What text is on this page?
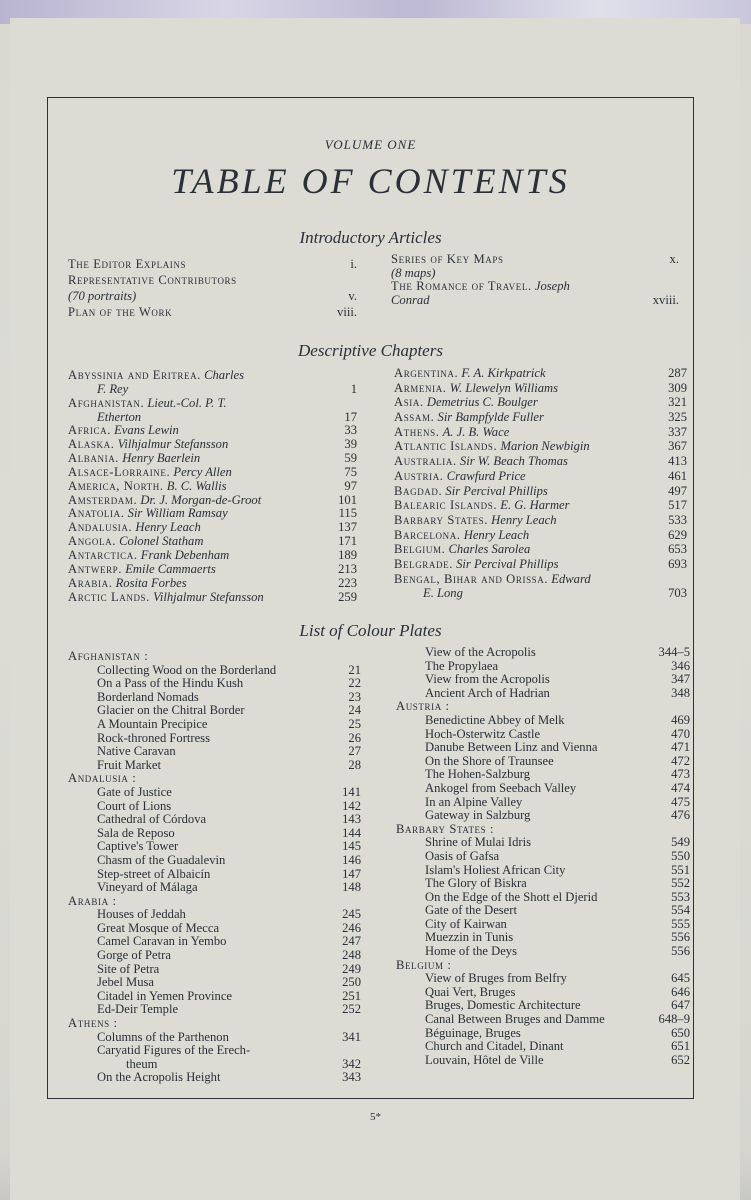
VOLUME ONE
TABLE OF CONTENTS
Introductory Articles
The Editor Explains	i.
Representative Contributors
(70 portraits)	v.
Plan of the Work	viii.
Series of Key Maps	x.
(8 maps)
The Romance of Travel. Joseph
Conrad	xviii.
Descriptive Chapters
Abyssinia and Eritrea. Charles
F. Rey	1
Afghanistan. Lieut.-Col. P. T.
Etherton	17
Africa. Evans Lewin	33
Alaska. Vilhjalmur Stefansson	39
Albania. Henry Baerlein	59
Alsace-Lorraine. Percy Allen	75
America, North. B. C. Wallis	97
Amsterdam. Dr. J. Morgan-de-Groot	101
Anatolia. Sir William Ramsay	115
Andalusia. Henry Leach	137
Angola. Colonel Statham	171
Antarctica. Frank Debenham	189
Antwerp. Emile Cammaerts	213
Arabia. Rosita Forbes	223
Arctic Lands. Vilhjalmur Stefansson	259
Argentina. F. A. Kirkpatrick	287
Armenia. W. Llewelyn Williams	309
Asia. Demetrius C. Boulger	321
Assam. Sir Bampfylde Fuller	325
Athens. A. J. B. Wace	337
Atlantic Islands. Marion Newbigin	367
Australia. Sir W. Beach Thomas	413
Austria. Crawfurd Price	461
Bagdad. Sir Percival Phillips	497
Balearic Islands. E. G. Harmer	517
Barbary States. Henry Leach	533
Barcelona. Henry Leach	629
Belgium. Charles Sarolea	653
Belgrade. Sir Percival Phillips	693
Bengal, Bihar and Orissa. Edward
E. Long	703
List of Colour Plates
Afghanistan :
Collecting Wood on the Borderland	21
On a Pass of the Hindu Kush	22
Borderland Nomads	23
Glacier on the Chitral Border	24
A Mountain Precipice	25
Rock-throned Fortress	26
Native Caravan	27
Fruit Market	28
Andalusia :
Gate of Justice	141
Court of Lions	142
Cathedral of Córdova	143
Sala de Reposo	144
Captive's Tower	145
Chasm of the Guadalevin	146
Step-street of Albaicín	147
Vineyard of Málaga	148
Arabia :
Houses of Jeddah	245
Great Mosque of Mecca	246
Camel Caravan in Yembo	247
Gorge of Petra	248
Site of Petra	249
Jebel Musa	250
Citadel in Yemen Province	251
Ed-Deir Temple	252
Athens :
Columns of the Parthenon	341
Caryatid Figures of the Erech-
theum	342
On the Acropolis Height	343
View of the Acropolis	344–5
The Propylaea	346
View from the Acropolis	347
Ancient Arch of Hadrian	348
Austria :
Benedictine Abbey of Melk	469
Hoch-Osterwitz Castle	470
Danube Between Linz and Vienna	471
On the Shore of Traunsee	472
The Hohen-Salzburg	473
Ankogel from Seebach Valley	474
In an Alpine Valley	475
Gateway in Salzburg	476
Barbary States :
Shrine of Mulai Idris	549
Oasis of Gafsa	550
Islam's Holiest African City	551
The Glory of Biskra	552
On the Edge of the Shott el Djerid	553
Gate of the Desert	554
City of Kairwan	555
Muezzin in Tunis	556
Home of the Deys	556
Belgium :
View of Bruges from Belfry	645
Quai Vert, Bruges	646
Bruges, Domestic Architecture	647
Canal Between Bruges and Damme	648–9
Béguinage, Bruges	650
Church and Citadel, Dinant	651
Louvain, Hôtel de Ville	652
5*
